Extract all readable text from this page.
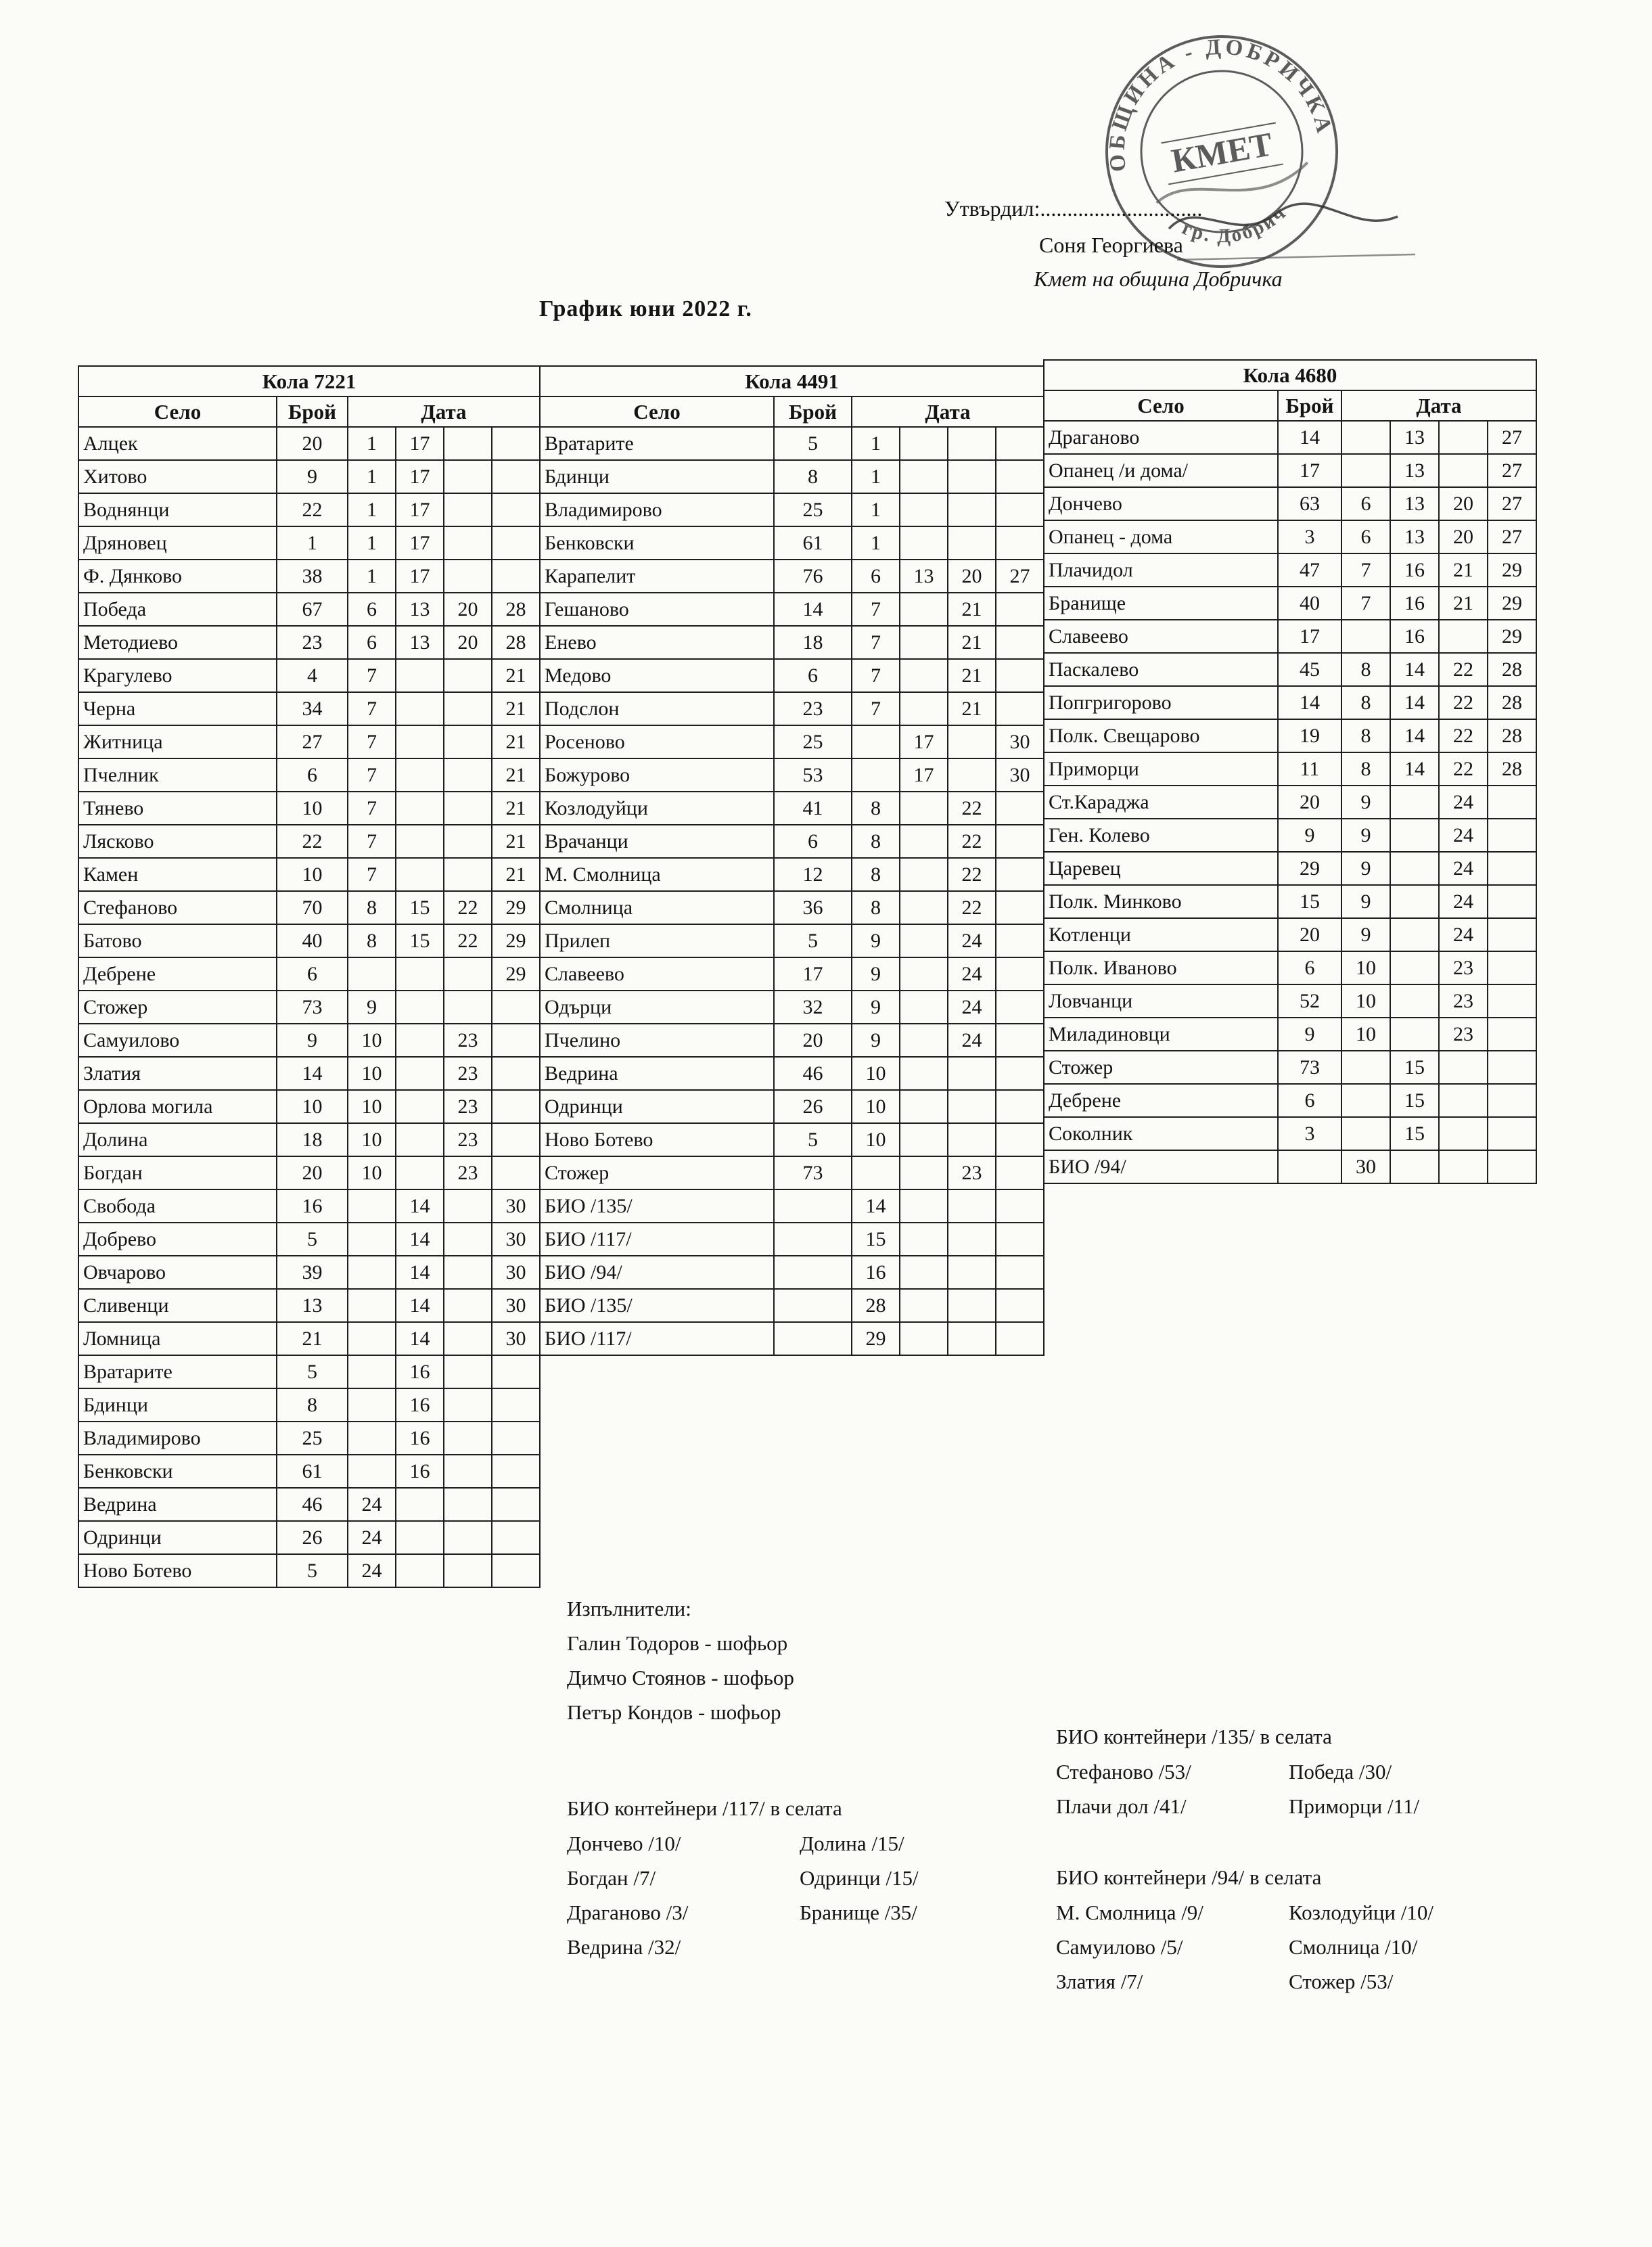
ОБЩИНА - ДОБРИЧКА
гр. Добрич
КМЕТ
Утвърдил:..............................
Соня Георгиева
Кмет на община Добричка
График юни 2022 г.
Кола 7221					
Село	Брой	Дата			
Алцек	20	1	17		
Хитово	9	1	17		
Воднянци	22	1	17		
Дряновец	1	1	17		
Ф. Дянково	38	1	17		
Победа	67	6	13	20	28
Методиево	23	6	13	20	28
Крагулево	4	7			21
Черна	34	7			21
Житница	27	7			21
Пчелник	6	7			21
Тянево	10	7			21
Лясково	22	7			21
Камен	10	7			21
Стефаново	70	8	15	22	29
Батово	40	8	15	22	29
Дебрене	6				29
Стожер	73	9			
Самуилово	9	10		23	
Златия	14	10		23	
Орлова могила	10	10		23	
Долина	18	10		23	
Богдан	20	10		23	
Свобода	16		14		30
Добрево	5		14		30
Овчарово	39		14		30
Сливенци	13		14		30
Ломница	21		14		30
Вратарите	5		16		
Бдинци	8		16		
Владимирово	25		16		
Бенковски	61		16		
Ведрина	46	24			
Одринци	26	24			
Ново Ботево	5	24			
Кола 4491					
Село	Брой	Дата			
Вратарите	5	1			
Бдинци	8	1			
Владимирово	25	1			
Бенковски	61	1			
Карапелит	76	6	13	20	27
Гешаново	14	7		21	
Енево	18	7		21	
Медово	6	7		21	
Подслон	23	7		21	
Росеново	25		17		30
Божурово	53		17		30
Козлодуйци	41	8		22	
Врачанци	6	8		22	
М. Смолница	12	8		22	
Смолница	36	8		22	
Прилеп	5	9		24	
Славеево	17	9		24	
Одърци	32	9		24	
Пчелино	20	9		24	
Ведрина	46	10			
Одринци	26	10			
Ново Ботево	5	10			
Стожер	73			23	
БИО /135/		14			
БИО /117/		15			
БИО /94/		16			
БИО /135/		28			
БИО /117/		29			
Кола 4680					
Село	Брой	Дата			
Драганово	14		13		27
Опанец /и дома/	17		13		27
Дончево	63	6	13	20	27
Опанец - дома	3	6	13	20	27
Плачидол	47	7	16	21	29
Бранище	40	7	16	21	29
Славеево	17		16		29
Паскалево	45	8	14	22	28
Попгригорово	14	8	14	22	28
Полк. Свещарово	19	8	14	22	28
Приморци	11	8	14	22	28
Ст.Караджа	20	9		24	
Ген. Колево	9	9		24	
Царевец	29	9		24	
Полк. Минково	15	9		24	
Котленци	20	9		24	
Полк. Иваново	6	10		23	
Ловчанци	52	10		23	
Миладиновци	9	10		23	
Стожер	73		15		
Дебрене	6		15		
Соколник	3		15		
БИО /94/		30			
Изпълнители:
Галин Тодоров - шофьор
Димчо Стоянов - шофьор
Петър Кондов - шофьор
БИО контейнери /117/ в селата
Дончево /10/	Долина /15/
Богдан /7/	Одринци /15/
Драганово /3/	Бранище /35/
Ведрина /32/
БИО контейнери /135/ в селата
Стефаново /53/	Победа /30/
Плачи дол /41/	Приморци /11/
БИО контейнери /94/ в селата
М. Смолница /9/	Козлодуйци /10/
Самуилово /5/	Смолница /10/
Златия /7/	Стожер /53/
